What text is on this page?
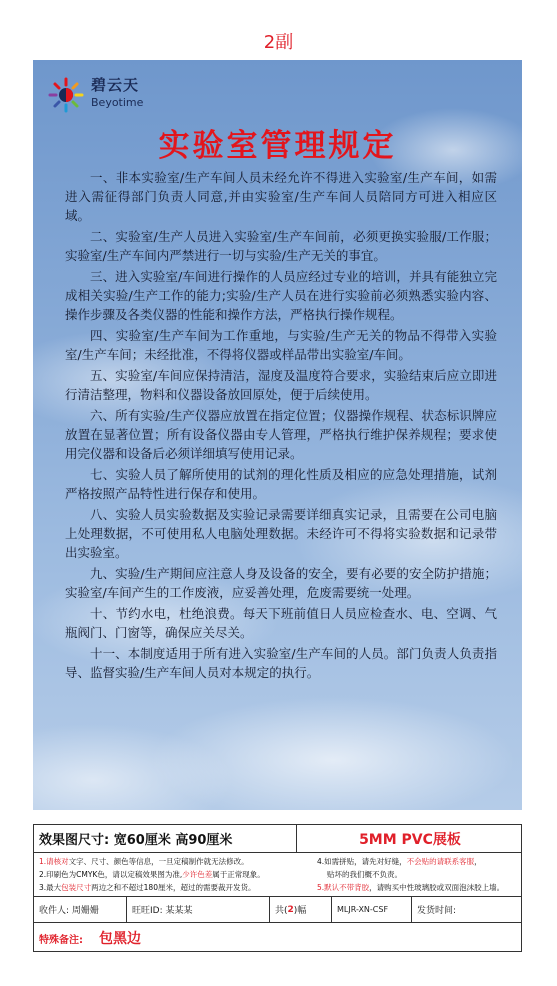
2副
碧云天
Beyotime
实验室管理规定

一、非本实验室/生产车间人员未经允许不得进入实验室/生产车间，如需进入需征得部门负责人同意,并由实验室/生产车间人员陪同方可进入相应区域。

二、实验室/生产人员进入实验室/生产车间前，必须更换实验服/工作服；实验室/生产车间内严禁进行一切与实验/生产无关的事宜。

三、进入实验室/车间进行操作的人员应经过专业的培训，并具有能独立完成相关实验/生产工作的能力;实验/生产人员在进行实验前必须熟悉实验内容、操作步骤及各类仪器的性能和操作方法，严格执行操作规程。

四、实验室/生产车间为工作重地，与实验/生产无关的物品不得带入实验室/生产车间；未经批准，不得将仪器或样品带出实验室/车间。

五、实验室/车间应保持清洁，湿度及温度符合要求，实验结束后应立即进行清洁整理，物料和仪器设备放回原处，便于后续使用。

六、所有实验/生产仪器应放置在指定位置；仪器操作规程、状态标识牌应放置在显著位置；所有设备仪器由专人管理，严格执行维护保养规程；要求使用完仪器和设备后必须详细填写使用记录。

七、实验人员了解所使用的试剂的理化性质及相应的应急处理措施，试剂严格按照产品特性进行保存和使用。

八、实验人员实验数据及实验记录需要详细真实记录，且需要在公司电脑上处理数据，不可使用私人电脑处理数据。未经许可不得将实验数据和记录带出实验室。

九、实验/生产期间应注意人身及设备的安全，要有必要的安全防护措施；实验室/车间产生的工作废液，应妥善处理，危废需要统一处理。

十、节约水电，杜绝浪费。每天下班前值日人员应检查水、电、空调、气瓶阀门、门窗等，确保应关尽关。

十一、本制度适用于所有进入实验室/生产车间的人员。部门负责人负责指导、监督实验/生产车间人员对本规定的执行。

效果图尺寸: 宽60厘米 高90厘米	5MM PVC展板
1.请核对文字、尺寸、颜色等信息，一旦定稿制作就无法修改。
2.印刷色为CMYK色，请以定稿效果图为准,少许色差属于正常现象。
3.最大包装尺寸两边之和不超过180厘米，超过的需要裁开发货。
4.如需拼贴，请先对好缝，不会贴的请联系客服，
贴坏的我们概不负责。
5.默认不带背胶，请购买中性玻璃胶或双面泡沫胶上墙。
收件人: 周姗姗	旺旺ID: 某某某	共( 2 )幅	MLJR-XN-CSF	发货时间:
特殊备注: 包黑边
